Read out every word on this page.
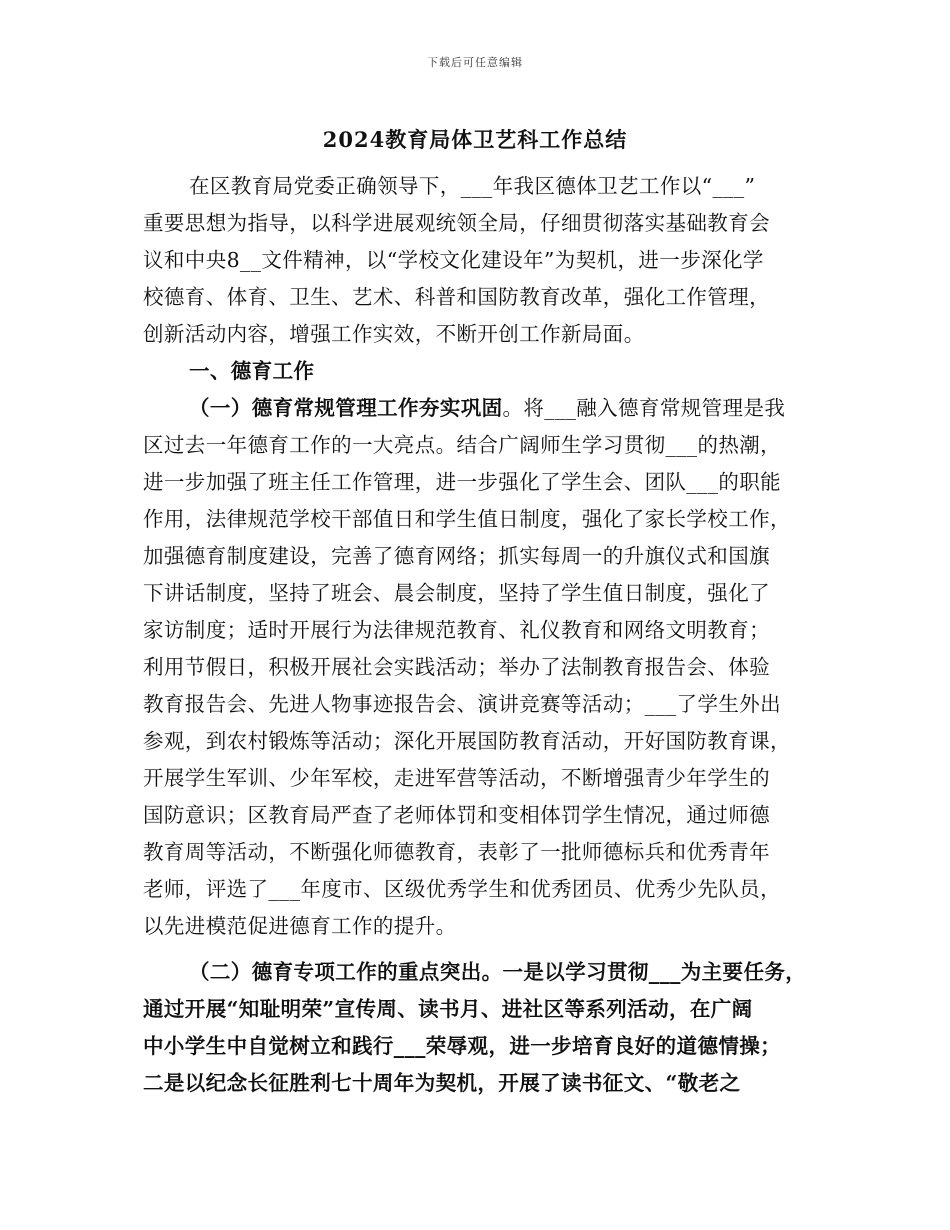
下载后可任意编辑
2024教育局体卫艺科工作总结
在区教育局党委正确领导下，___年我区德体卫艺工作以“___”
重要思想为指导，以科学进展观统领全局，仔细贯彻落实基础教育会
议和中央8__文件精神，以“学校文化建设年”为契机，进一步深化学
校德育、体育、卫生、艺术、科普和国防教育改革，强化工作管理，
创新活动内容，增强工作实效，不断开创工作新局面。
一、德育工作
（一）德育常规管理工作夯实巩固。将___融入德育常规管理是我
区过去一年德育工作的一大亮点。结合广阔师生学习贯彻___的热潮，
进一步加强了班主任工作管理，进一步强化了学生会、团队___的职能
作用，法律规范学校干部值日和学生值日制度，强化了家长学校工作，
加强德育制度建设，完善了德育网络；抓实每周一的升旗仪式和国旗
下讲话制度，坚持了班会、晨会制度，坚持了学生值日制度，强化了
家访制度；适时开展行为法律规范教育、礼仪教育和网络文明教育；
利用节假日，积极开展社会实践活动；举办了法制教育报告会、体验
教育报告会、先进人物事迹报告会、演讲竞赛等活动；___了学生外出
参观，到农村锻炼等活动；深化开展国防教育活动，开好国防教育课，
开展学生军训、少年军校，走进军营等活动，不断增强青少年学生的
国防意识；区教育局严查了老师体罚和变相体罚学生情况，通过师德
教育周等活动，不断强化师德教育，表彰了一批师德标兵和优秀青年
老师，评选了___年度市、区级优秀学生和优秀团员、优秀少先队员，
以先进模范促进德育工作的提升。
（二）德育专项工作的重点突出。一是以学习贯彻___为主要任务，
通过开展“知耻明荣”宣传周、读书月、进社区等系列活动，在广阔
中小学生中自觉树立和践行___荣辱观，进一步培育良好的道德情操；
二是以纪念长征胜利七十周年为契机，开展了读书征文、“敬老之
